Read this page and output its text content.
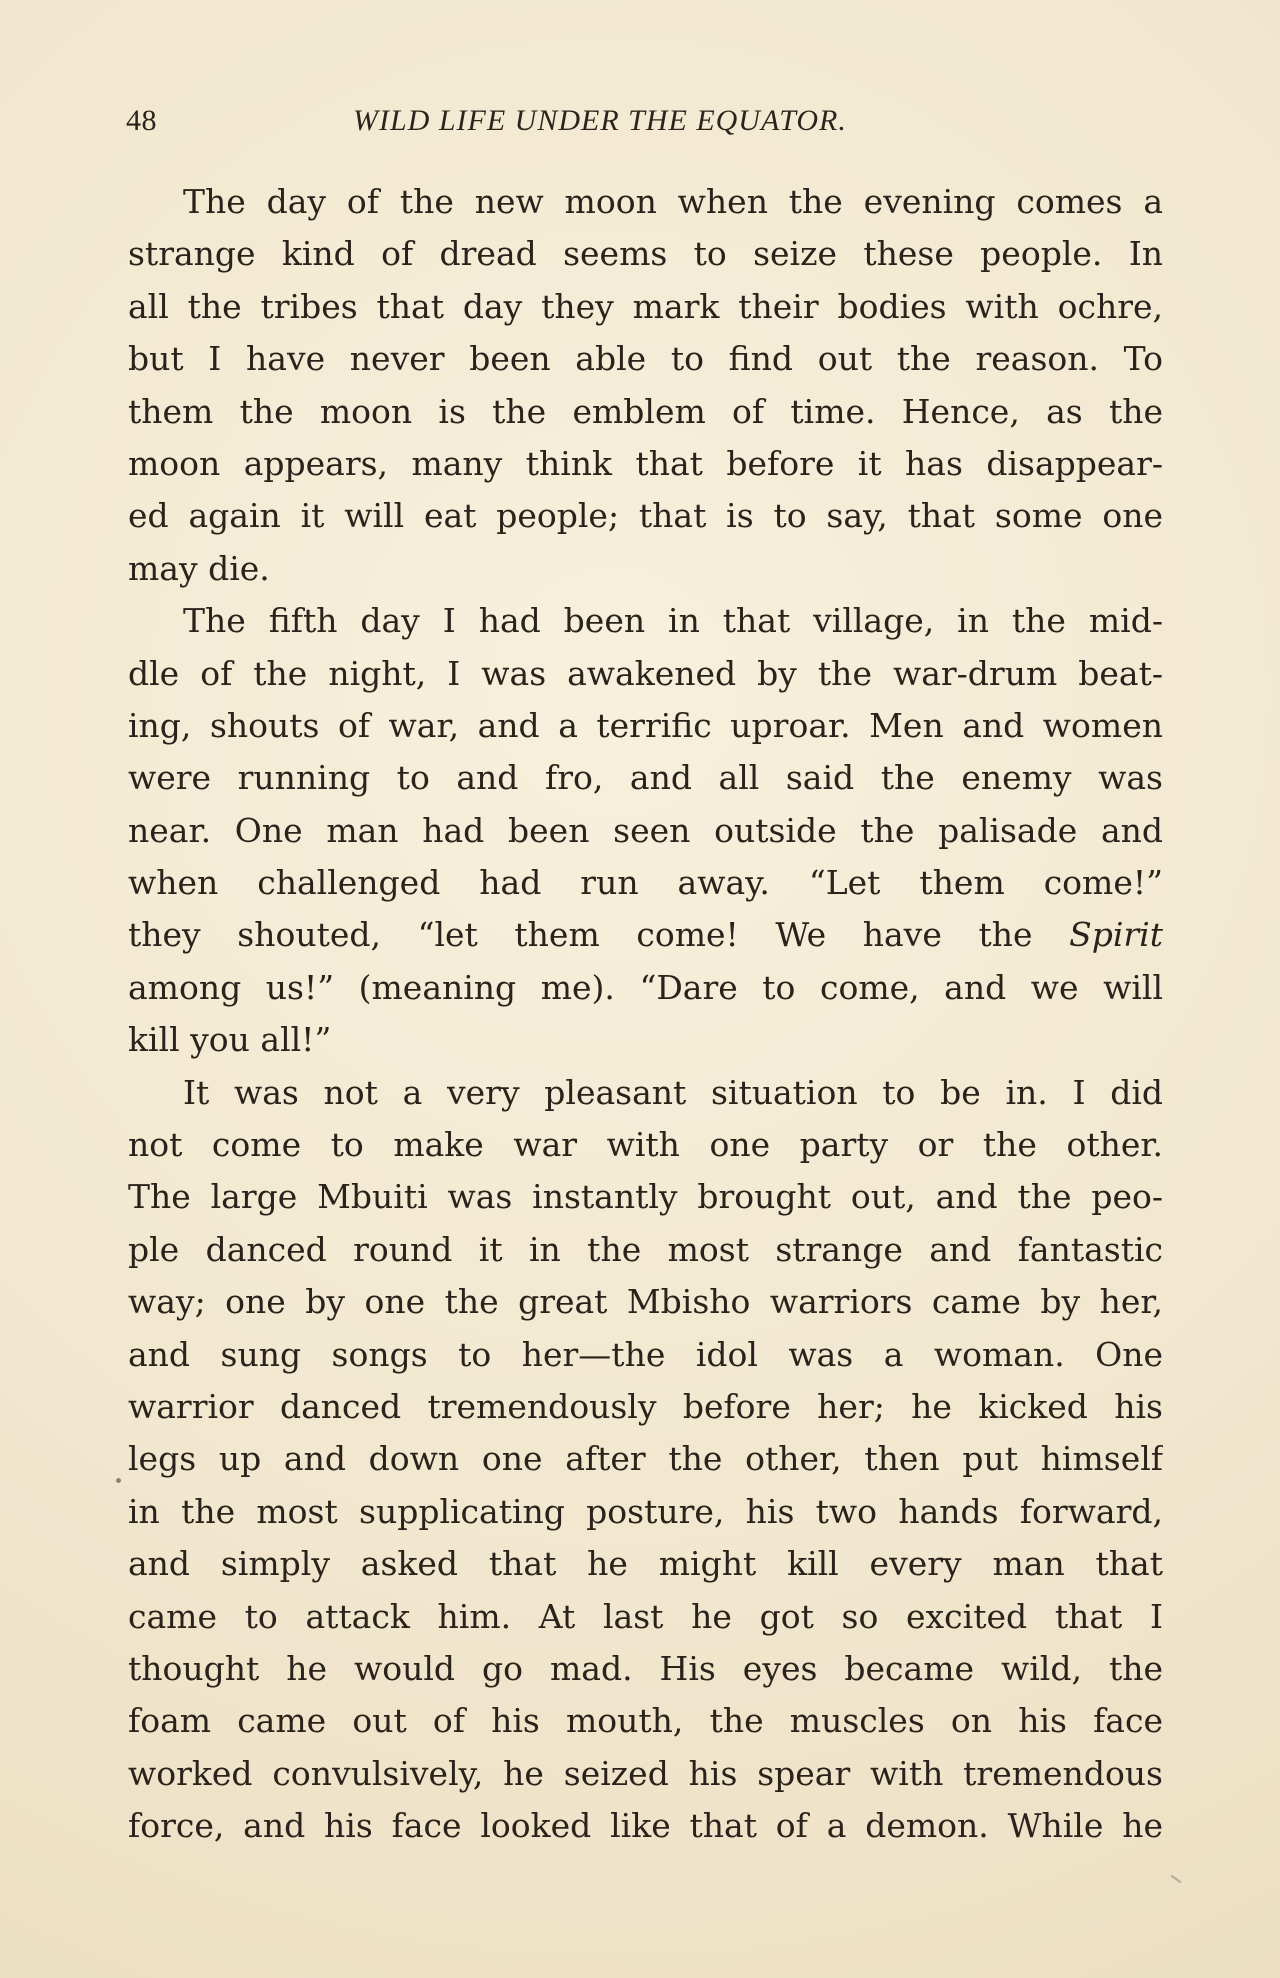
48	WILD LIFE UNDER THE EQUATOR.
The day of the new moon when the evening comes a
strange kind of dread seems to seize these people. In
all the tribes that day they mark their bodies with ochre,
but I have never been able to find out the reason. To
them the moon is the emblem of time. Hence, as the
moon appears, many think that before it has disappear-
ed again it will eat people; that is to say, that some one
may die.
The fifth day I had been in that village, in the mid-
dle of the night, I was awakened by the war-drum beat-
ing, shouts of war, and a terrific uproar. Men and women
were running to and fro, and all said the enemy was
near. One man had been seen outside the palisade and
when challenged had run away. “Let them come!”
they shouted, “let them come! We have the Spirit
among us!” (meaning me). “Dare to come, and we will
kill you all!”
It was not a very pleasant situation to be in. I did
not come to make war with one party or the other.
The large Mbuiti was instantly brought out, and the peo-
ple danced round it in the most strange and fantastic
way; one by one the great Mbisho warriors came by her,
and sung songs to her—the idol was a woman. One
warrior danced tremendously before her; he kicked his
legs up and down one after the other, then put himself
in the most supplicating posture, his two hands forward,
and simply asked that he might kill every man that
came to attack him. At last he got so excited that I
thought he would go mad. His eyes became wild, the
foam came out of his mouth, the muscles on his face
worked convulsively, he seized his spear with tremendous
force, and his face looked like that of a demon. While he
